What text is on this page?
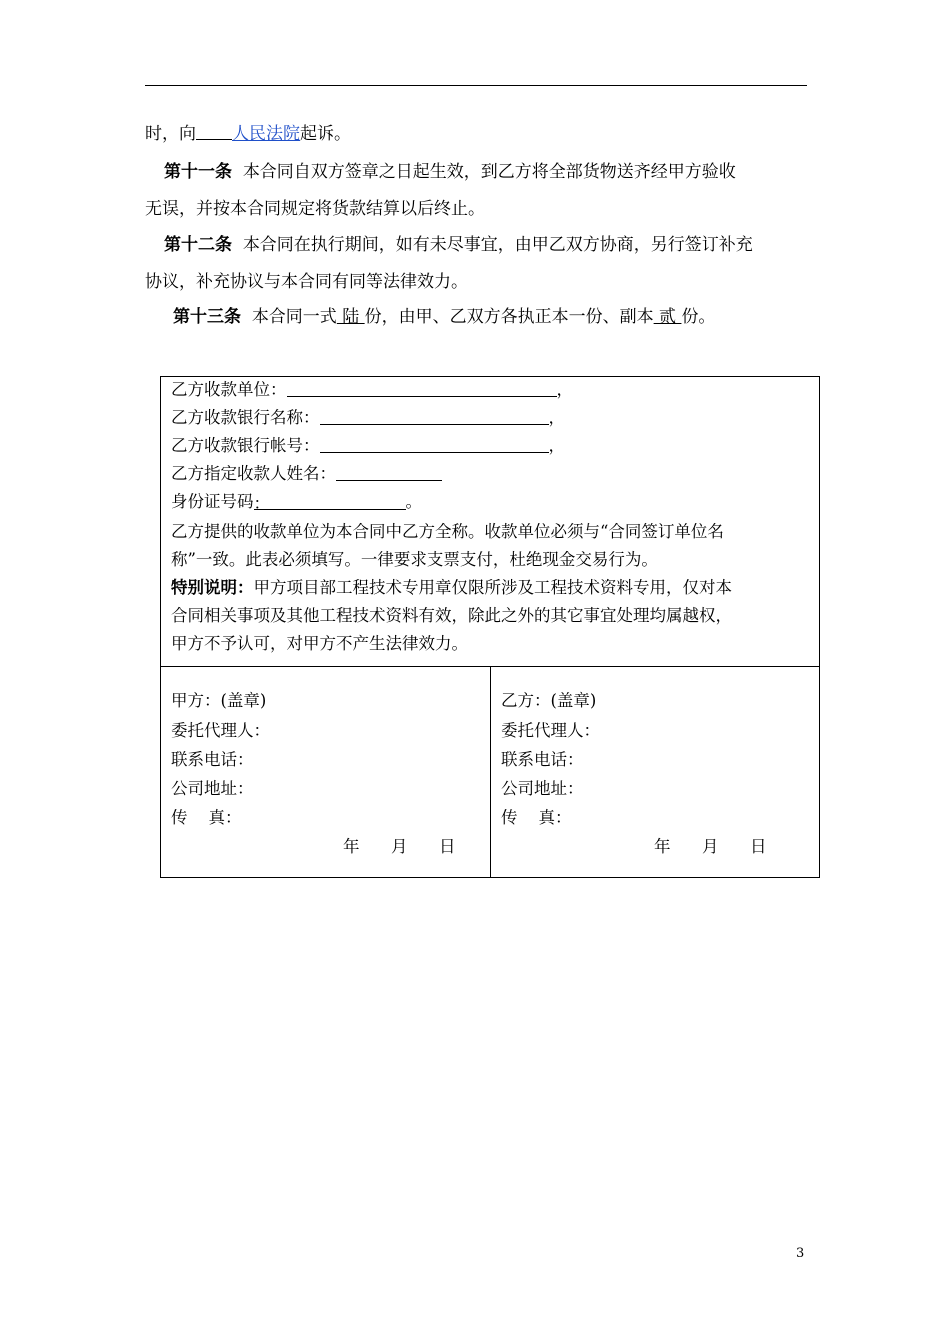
时，向 人民法院起诉。
第十一条 本合同自双方签章之日起生效，到乙方将全部货物送齐经甲方验收
无误，并按本合同规定将货款结算以后终止。
第十二条 本合同在执行期间，如有未尽事宜，由甲乙双方协商，另行签订补充
协议，补充协议与本合同有同等法律效力。
第十三条 本合同一式 陆 份，由甲、乙双方各执正本一份、副本 贰 份。
乙方收款单位：	，
乙方收款银行名称：	，
乙方收款银行帐号：	，
乙方指定收款人姓名：
身份证号码：	。
乙方提供的收款单位为本合同中乙方全称。收款单位必须与“合同签订单位名
称”一致。此表必须填写。一律要求支票支付，杜绝现金交易行为。
特别说明：甲方项目部工程技术专用章仅限所涉及工程技术资料专用，仅对本
合同相关事项及其他工程技术资料有效，除此之外的其它事宜处理均属越权，
甲方不予认可，对甲方不产生法律效力。
甲方：(盖章)
委托代理人：
联系电话：
公司地址：
传    真：
年      月      日
乙方：(盖章)
委托代理人：
联系电话：
公司地址：
传    真：
年      月      日
3
